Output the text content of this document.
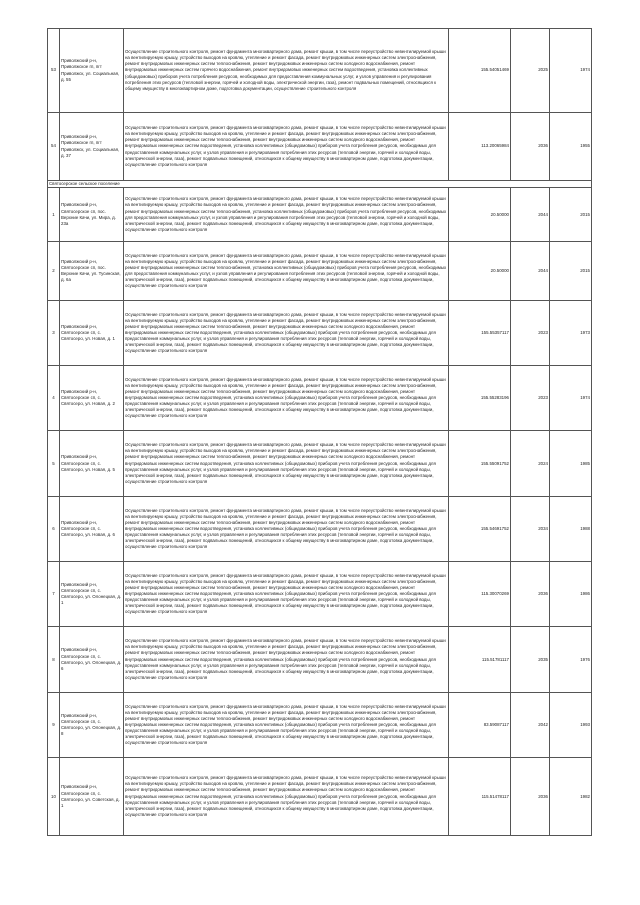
53	Приволжский р-н, Приволжское гп, пгт Приволжск, ул. Социальная, д. 55	Осуществление строительного контроля, ремонт фундамента многоквартирного дома, ремонт крыши, в том числе переустройство невентилируемой крыши на вентилируемую крышу, устройство выходов на кровлю, утепление и ремонт фасада, ремонт внутридомовых инженерных систем электроснабжения, ремонт внутридомовых инженерных систем теплоснабжения, ремонт внутридомовых инженерных систем холодного водоснабжения, ремонт внутридомовых инженерных систем горячего водоснабжения, ремонт внутридомовых инженерных систем водоотведения, установка коллективных (общедомовых) приборов учета потребления ресурсов, необходимых для предоставления коммунальных услуг, и узлов управления и регулирования потребления этих ресурсов (тепловой энергии, горячей и холодной воды, электрической энергии, газа), ремонт подвальных помещений, относящихся к общему имуществу в многоквартирном доме, подготовка документации, осуществление строительного контроля	155.54051469	2025	1974
54	Приволжский р-н, Приволжское гп, пгт Приволжск, ул. Социальная, д. 37	Осуществление строительного контроля, ремонт фундамента многоквартирного дома, ремонт крыши, в том числе переустройство невентилируемой крыши на вентилируемую крышу, устройство выходов на кровлю, утепление и ремонт фасада, ремонт внутридомовых инженерных систем электроснабжения, ремонт внутридомовых инженерных систем теплоснабжения, ремонт внутридомовых инженерных систем холодного водоснабжения, ремонт внутридомовых инженерных систем водоотведения, установка коллективных (общедомовых) приборов учета потребления ресурсов, необходимых для предоставления коммунальных услуг, и узлов управления и регулирования потребления этих ресурсов (тепловой энергии, горячей и холодной воды, электрической энергии, газа), ремонт подвальных помещений, относящихся к общему имуществу в многоквартирном доме, подготовка документации, осуществление строительного контроля	113.20065984	2036	1955
Святосерское сельское поселение					
1	Приволжский р-н, Святосерское сп, пос. Верхние Качи, ул. Мира, д. 23а	Осуществление строительного контроля, ремонт фундамента многоквартирного дома, ремонт крыши, в том числе переустройство невентилируемой крыши на вентилируемую крышу, устройство выходов на кровлю, утепление и ремонт фасада, ремонт внутридомовых инженерных систем электроснабжения, ремонт внутридомовых инженерных систем теплоснабжения, установка коллективных (общедомовых) приборов учета потребления ресурсов, необходимых для предоставления коммунальных услуг, и узлов управления и регулирования потребления этих ресурсов (тепловой энергии, горячей и холодной воды, электрической энергии, газа), ремонт подвальных помещений, относящихся к общему имуществу в многоквартирном доме, подготовка документации, осуществление строительного контроля	20.50000	2044	2015
2	Приволжский р-н, Святосерское сп, пос. Верхние Качи, ул. Тусинская, д. 6а	Осуществление строительного контроля, ремонт фундамента многоквартирного дома, ремонт крыши, в том числе переустройство невентилируемой крыши на вентилируемую крышу, устройство выходов на кровлю, утепление и ремонт фасада, ремонт внутридомовых инженерных систем электроснабжения, ремонт внутридомовых инженерных систем теплоснабжения, установка коллективных (общедомовых) приборов учета потребления ресурсов, необходимых для предоставления коммунальных услуг, и узлов управления и регулирования потребления этих ресурсов (тепловой энергии, горячей и холодной воды, электрической энергии, газа), ремонт подвальных помещений, относящихся к общему имуществу в многоквартирном доме, подготовка документации, осуществление строительного контроля	20.50000	2044	2015
3	Приволжский р-н, Святосерское сп, с. Святосеро, ул. Новая, д. 1	Осуществление строительного контроля, ремонт фундамента многоквартирного дома, ремонт крыши, в том числе переустройство невентилируемой крыши на вентилируемую крышу, устройство выходов на кровлю, утепление и ремонт фасада, ремонт внутридомовых инженерных систем электроснабжения, ремонт внутридомовых инженерных систем теплоснабжения, ремонт внутридомовых инженерных систем холодного водоснабжения, ремонт внутридомовых инженерных систем водоотведения, установка коллективных (общедомовых) приборов учета потребления ресурсов, необходимых для предоставления коммунальных услуг, и узлов управления и регулирования потребления этих ресурсов (тепловой энергии, горячей и холодной воды, электрической энергии, газа), ремонт подвальных помещений, относящихся к общему имуществу в многоквартирном доме, подготовка документации, осуществление строительного контроля	155.55357117	2023	1973
4	Приволжский р-н, Святосерское сп, с. Святосеро, ул. Новая, д. 2	Осуществление строительного контроля, ремонт фундамента многоквартирного дома, ремонт крыши, в том числе переустройство невентилируемой крыши на вентилируемую крышу, устройство выходов на кровлю, утепление и ремонт фасада, ремонт внутридомовых инженерных систем электроснабжения, ремонт внутридомовых инженерных систем теплоснабжения, ремонт внутридомовых инженерных систем холодного водоснабжения, ремонт внутридомовых инженерных систем водоотведения, установка коллективных (общедомовых) приборов учета потребления ресурсов, необходимых для предоставления коммунальных услуг, и узлов управления и регулирования потребления этих ресурсов (тепловой энергии, горячей и холодной воды, электрической энергии, газа), ремонт подвальных помещений, относящихся к общему имуществу в многоквартирном доме, подготовка документации, осуществление строительного контроля	155.55283196	2023	1974
5	Приволжский р-н, Святосерское сп, с. Святосеро, ул. Новая, д. 5	Осуществление строительного контроля, ремонт фундамента многоквартирного дома, ремонт крыши, в том числе переустройство невентилируемой крыши на вентилируемую крышу, устройство выходов на кровлю, утепление и ремонт фасада, ремонт внутридомовых инженерных систем электроснабжения, ремонт внутридомовых инженерных систем теплоснабжения, ремонт внутридомовых инженерных систем холодного водоснабжения, ремонт внутридомовых инженерных систем водоотведения, установка коллективных (общедомовых) приборов учета потребления ресурсов, необходимых для предоставления коммунальных услуг, и узлов управления и регулирования потребления этих ресурсов (тепловой энергии, горячей и холодной воды, электрической энергии, газа), ремонт подвальных помещений, относящихся к общему имуществу в многоквартирном доме, подготовка документации, осуществление строительного контроля	155.55091752	2024	1985
6	Приволжский р-н, Святосерское сп, с. Святосеро, ул. Новая, д. 6	Осуществление строительного контроля, ремонт фундамента многоквартирного дома, ремонт крыши, в том числе переустройство невентилируемой крыши на вентилируемую крышу, устройство выходов на кровлю, утепление и ремонт фасада, ремонт внутридомовых инженерных систем электроснабжения, ремонт внутридомовых инженерных систем теплоснабжения, ремонт внутридомовых инженерных систем холодного водоснабжения, ремонт внутридомовых инженерных систем водоотведения, установка коллективных (общедомовых) приборов учета потребления ресурсов, необходимых для предоставления коммунальных услуг, и узлов управления и регулирования потребления этих ресурсов (тепловой энергии, горячей и холодной воды, электрической энергии, газа), ремонт подвальных помещений, относящихся к общему имуществу в многоквартирном доме, подготовка документации, осуществление строительного контроля	155.54691752	2034	1988
7	Приволжский р-н, Святосерское сп, с. Святосеро, ул. Олонецкая, д. 1	Осуществление строительного контроля, ремонт фундамента многоквартирного дома, ремонт крыши, в том числе переустройство невентилируемой крыши на вентилируемую крышу, устройство выходов на кровлю, утепление и ремонт фасада, ремонт внутридомовых инженерных систем электроснабжения, ремонт внутридомовых инженерных систем теплоснабжения, ремонт внутридомовых инженерных систем холодного водоснабжения, ремонт внутридомовых инженерных систем водоотведения, установка коллективных (общедомовых) приборов учета потребления ресурсов, необходимых для предоставления коммунальных услуг, и узлов управления и регулирования потребления этих ресурсов (тепловой энергии, горячей и холодной воды, электрической энергии, газа), ремонт подвальных помещений, относящихся к общему имуществу в многоквартирном доме, подготовка документации, осуществление строительного контроля	115.30070269	2036	1986
8	Приволжский р-н, Святосерское сп, с. Святосеро, ул. Олонецкая, д. 6	Осуществление строительного контроля, ремонт фундамента многоквартирного дома, ремонт крыши, в том числе переустройство невентилируемой крыши на вентилируемую крышу, устройство выходов на кровлю, утепление и ремонт фасада, ремонт внутридомовых инженерных систем электроснабжения, ремонт внутридомовых инженерных систем теплоснабжения, ремонт внутридомовых инженерных систем холодного водоснабжения, ремонт внутридомовых инженерных систем водоотведения, установка коллективных (общедомовых) приборов учета потребления ресурсов, необходимых для предоставления коммунальных услуг, и узлов управления и регулирования потребления этих ресурсов (тепловой энергии, горячей и холодной воды, электрической энергии, газа), ремонт подвальных помещений, относящихся к общему имуществу в многоквартирном доме, подготовка документации, осуществление строительного контроля	115.51781117	2035	1976
9	Приволжский р-н, Святосерское сп, с. Святосеро, ул. Олонецкая, д. 8	Осуществление строительного контроля, ремонт фундамента многоквартирного дома, ремонт крыши, в том числе переустройство невентилируемой крыши на вентилируемую крышу, устройство выходов на кровлю, утепление и ремонт фасада, ремонт внутридомовых инженерных систем электроснабжения, ремонт внутридомовых инженерных систем теплоснабжения, ремонт внутридомовых инженерных систем холодного водоснабжения, ремонт внутридомовых инженерных систем водоотведения, установка коллективных (общедомовых) приборов учета потребления ресурсов, необходимых для предоставления коммунальных услуг, и узлов управления и регулирования потребления этих ресурсов (тепловой энергии, горячей и холодной воды, электрической энергии, газа), ремонт подвальных помещений, относящихся к общему имуществу в многоквартирном доме, подготовка документации, осуществление строительного контроля	83.59087117	2042	1993
10	Приволжский р-н, Святосерское сп, с. Святосеро, ул. Советская, д. 1	Осуществление строительного контроля, ремонт фундамента многоквартирного дома, ремонт крыши, в том числе переустройство невентилируемой крыши на вентилируемую крышу, устройство выходов на кровлю, утепление и ремонт фасада, ремонт внутридомовых инженерных систем электроснабжения, ремонт внутридомовых инженерных систем теплоснабжения, ремонт внутридомовых инженерных систем холодного водоснабжения, ремонт внутридомовых инженерных систем водоотведения, установка коллективных (общедомовых) приборов учета потребления ресурсов, необходимых для предоставления коммунальных услуг, и узлов управления и регулирования потребления этих ресурсов (тепловой энергии, горячей и холодной воды, электрической энергии, газа), ремонт подвальных помещений, относящихся к общему имуществу в многоквартирном доме, подготовка документации, осуществление строительного контроля	115.51478117	2036	1982
